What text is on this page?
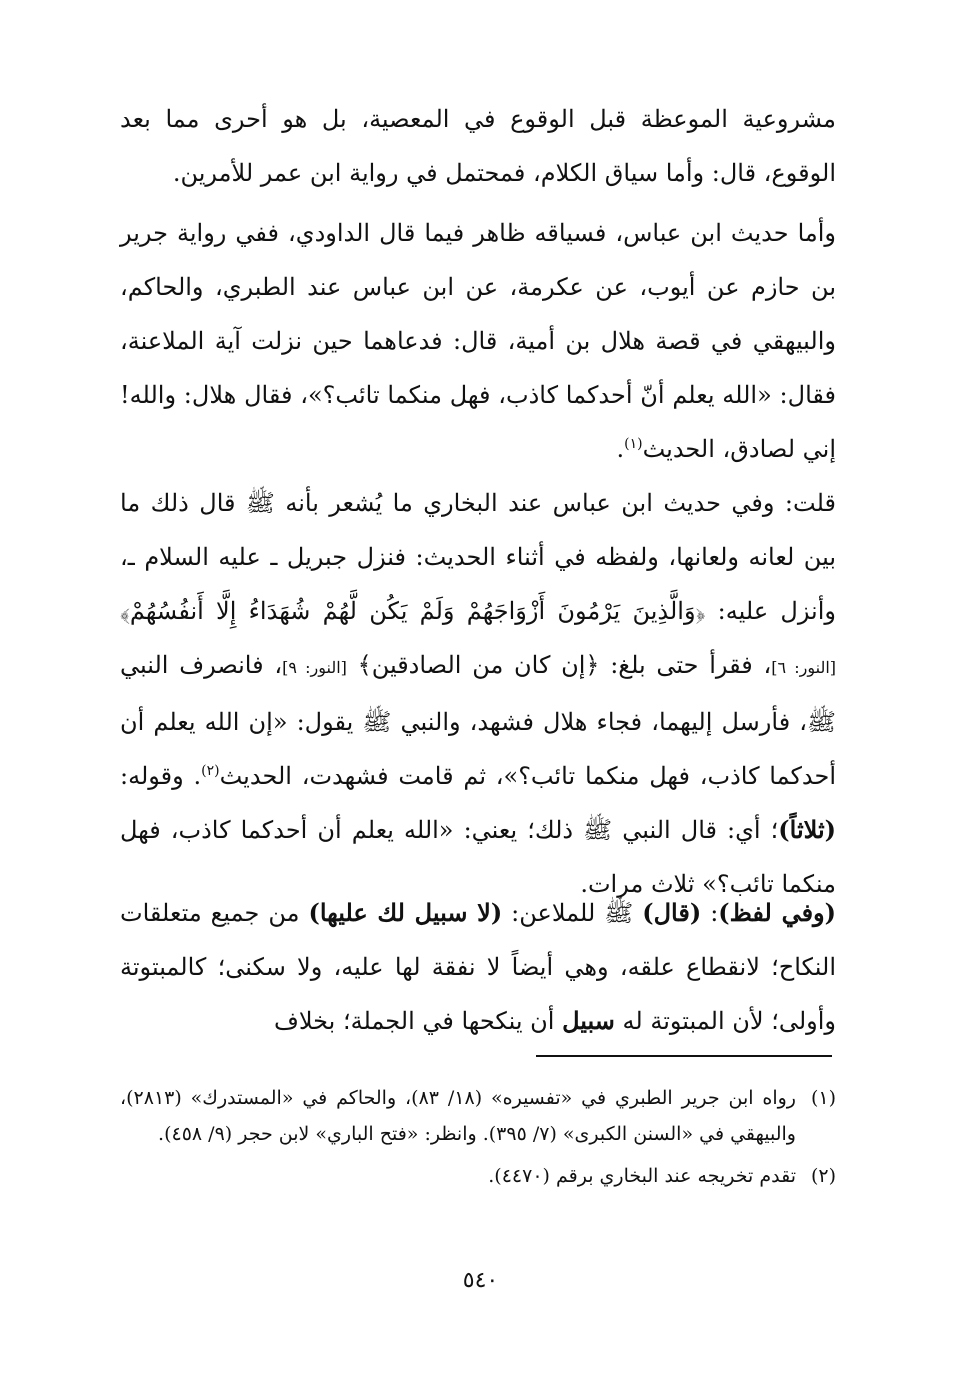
مشروعية الموعظة قبل الوقوع في المعصية، بل هو أحرى مما بعد الوقوع، قال: وأما سياق الكلام، فمحتمل في رواية ابن عمر للأمرين.

وأما حديث ابن عباس، فسياقه ظاهر فيما قال الداودي، ففي رواية جرير بن حازم عن أيوب، عن عكرمة، عن ابن عباس عند الطبري، والحاكم، والبيهقي في قصة هلال بن أمية، قال: فدعاهما حين نزلت آية الملاعنة، فقال: «الله يعلم أنّ أحدكما كاذب، فهل منكما تائب؟»، فقال هلال: والله! إني لصادق، الحديث$^{(١)}$.

قلت: وفي حديث ابن عباس عند البخاري ما يُشعر بأنه ﷺ قال ذلك ما بين لعانه ولعانها، ولفظه في أثناء الحديث: فنزل جبريل ـ عليه السلام ـ، وأنزل عليه: ﴿وَالَّذِينَ يَرْمُونَ أَزْوَاجَهُمْ وَلَمْ يَكُن لَّهُمْ شُهَدَاءُ إِلَّا أَنفُسُهُمْ﴾ [النور: ٦]، فقرأ حتى بلغ: ﴿إن كان من الصادقين﴾ [النور: ٩]، فانصرف النبي ﷺ، فأرسل إليهما، فجاء هلال فشهد، والنبي ﷺ يقول: «إن الله يعلم أن أحدكما كاذب، فهل منكما تائب؟»، ثم قامت فشهدت، الحديث$^{(٢)}$. وقوله: (ثلاثاً)؛ أي: قال النبي ﷺ ذلك؛ يعني: «الله يعلم أن أحدكما كاذب، فهل منكما تائب؟» ثلاث مرات.

(وفي لفظ): (قال) ﷺ للملاعن: (لا سبيل لك عليها) من جميع متعلقات النكاح؛ لانقطاع علقه، وهي أيضاً لا نفقة لها عليه، ولا سكنى؛ كالمبتوتة وأولى؛ لأن المبتوتة له سبيل أن ينكحها في الجملة؛ بخلاف

(١)
رواه ابن جرير الطبري في «تفسيره» (١٨/ ٨٣)، والحاكم في «المستدرك» (٢٨١٣)، والبيهقي في «السنن الكبرى» (٧/ ٣٩٥). وانظر: «فتح الباري» لابن حجر (٩/ ٤٥٨).
(٢)
تقدم تخريجه عند البخاري برقم (٤٤٧٠).
٥٤٠
